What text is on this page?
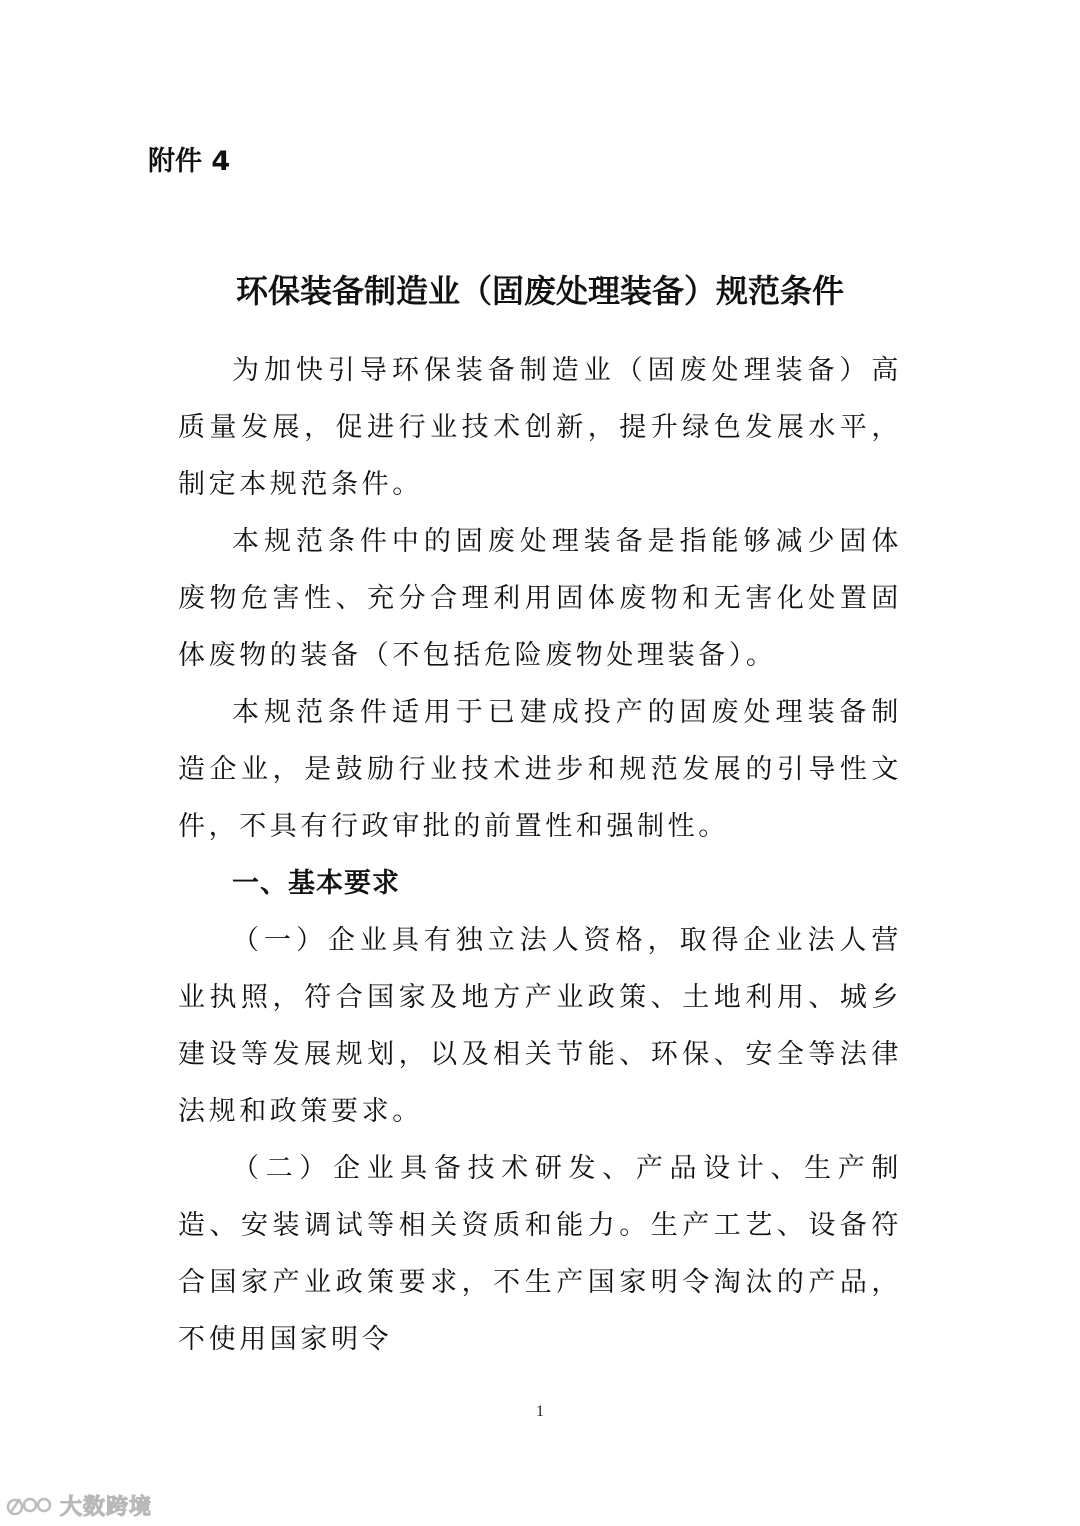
附件 4
环保装备制造业（固废处理装备）规范条件

为加快引导环保装备制造业（固废处理装备）高质量发展，促进行业技术创新，提升绿色发展水平，制定本规范条件。

本规范条件中的固废处理装备是指能够减少固体废物危害性、充分合理利用固体废物和无害化处置固体废物的装备（不包括危险废物处理装备）。

本规范条件适用于已建成投产的固废处理装备制造企业，是鼓励行业技术进步和规范发展的引导性文件，不具有行政审批的前置性和强制性。

一、基本要求

（一）企业具有独立法人资格，取得企业法人营业执照，符合国家及地方产业政策、土地利用、城乡建设等发展规划，以及相关节能、环保、安全等法律法规和政策要求。

（二）企业具备技术研发、产品设计、生产制造、安装调试等相关资质和能力。生产工艺、设备符合国家产业政策要求，不生产国家明令淘汰的产品，不使用国家明令

1
大数跨境
